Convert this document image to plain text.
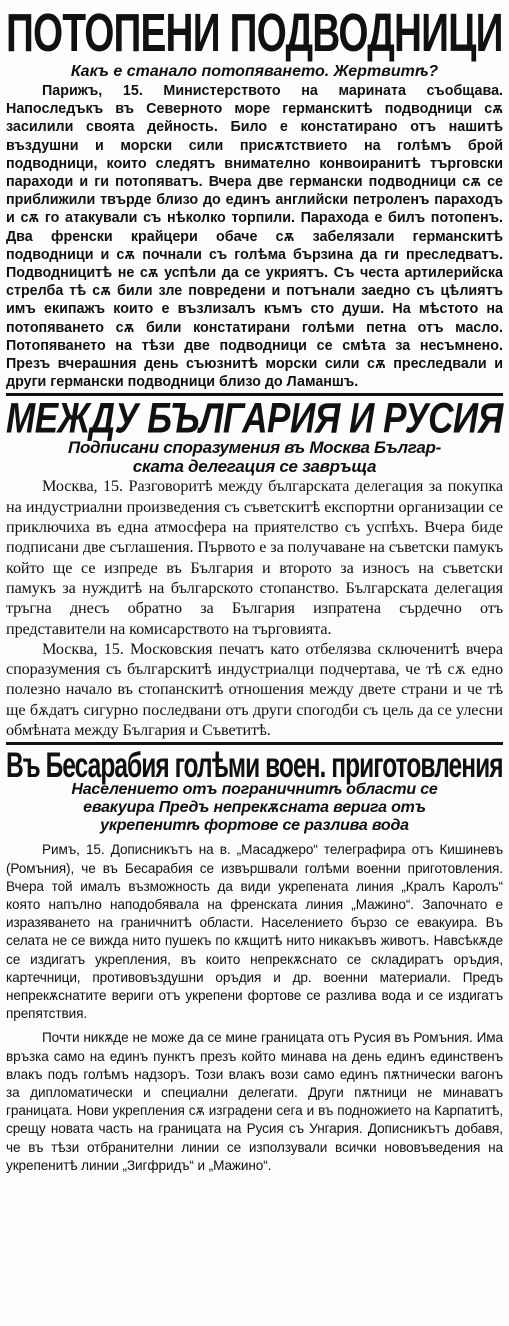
ПОТОПЕНИ ПОДВОДНИЦИ

Какъ е станало потопяването. Жертвитѣ?

Парижъ, 15. Министерството на марината съобщава. Напоследъкъ въ Северното море германскитѣ подводници сѫ засилили своята дейность. Било е констатирано отъ нашитѣ въздушни и морски сили присѫтствието на голѣмъ брой подводници, които следятъ внимателно конвоиранитѣ търговски параходи и ги потопяватъ. Вчера две германски подводници сѫ се приближили твърде близо до единъ английски петроленъ параходъ и сѫ го атакували съ нѣколко торпили. Парахода е билъ потопенъ. Два френски крайцери обаче сѫ забелязали германскитѣ подводници и сѫ почнали съ голѣма бързина да ги преследватъ. Подводницитѣ не сѫ успѣли да се укриятъ. Съ честа артилерийска стрелба тѣ сѫ били зле повредени и потънали заедно съ цѣлиятъ имъ екипажъ които е възлизалъ къмъ сто души. На мѣстото на потопяването сѫ били констатирани голѣми петна отъ масло. Потопяването на тѣзи две подводници се смѣта за несъмнено. Презъ вчерашния день съюзнитѣ морски сили сѫ преследвали и други германски подводници близо до Ламаншъ.

МЕЖДУ БЪЛГАРИЯ И РУСИЯ

Подписани споразумения въ Москва Българ-

ската делегация се завръща

Москва, 15. Разговоритѣ между българската делегация за покупка на индустриални произведения съ съветскитѣ експортни организации се приключиха въ една атмосфера на приятелство съ успѣхъ. Вчера биде подписани две съглашения. Първото е за получаване на съветски памукъ който ще се изпреде въ България и второто за износъ на съветски памукъ за нуждитѣ на българското стопанство. Българската делегация тръгна днесъ обратно за България изпратена сърдечно отъ представители на комисарството на търговията.

Москва, 15. Московския печатъ като отбелязва сключенитѣ вчера споразумения съ българскитѣ индустриалци подчертава, че тѣ сѫ едно полезно начало въ стопанскитѣ отношения между двете страни и че тѣ ще бѫдатъ сигурно последвани отъ други спогодби съ цель да се улесни обмѣната между България и Съветитѣ.

Въ Бесарабия голѣми воен. приготовления

Населението отъ пограничнитѣ области се

евакуира Предъ непрекѫсната верига отъ

укрепенитѣ фортове се разлива вода

Римъ, 15. Дописникътъ на в. „Масаджеро“ телеграфира отъ Кишиневъ (Ромъния), че въ Бесарабия се извършвали голѣми военни приготовления. Вчера той ималъ възможность да види укрепената линия „Кралъ Каролъ“ която напълно наподобявала на френската линия „Мажино“. Започнато е изразяването на граничнитѣ области. Населението бързо се евакуира. Въ селата не се вижда нито пушекъ по кѫщитѣ нито никакъвъ животъ. Навсѣкѫде се издигатъ укрепления, въ които непрекѫснато се складиратъ оръдия, картечници, противовъздушни оръдия и др. военни материали. Предъ непрекѫснатите вериги отъ укрепени фортове се разлива вода и се издигатъ препятствия.

Почти никѫде не може да се мине границата отъ Русия въ Ромъния. Има връзка само на единъ пунктъ презъ който минава на день единъ единственъ влакъ подъ голѣмъ надзоръ. Този влакъ вози само единъ пѫтнически вагонъ за дипломатически и специални делегати. Други пѫтници не минаватъ границата. Нови укрепления сѫ изградени сега и въ подножието на Карпатитѣ, срещу новата часть на границата на Русия съ Унгария. Дописникътъ добавя, че въ тѣзи отбранителни линии се използували всички нововъведения на укрепенитѣ линии „Зигфридъ“ и „Мажино“.
